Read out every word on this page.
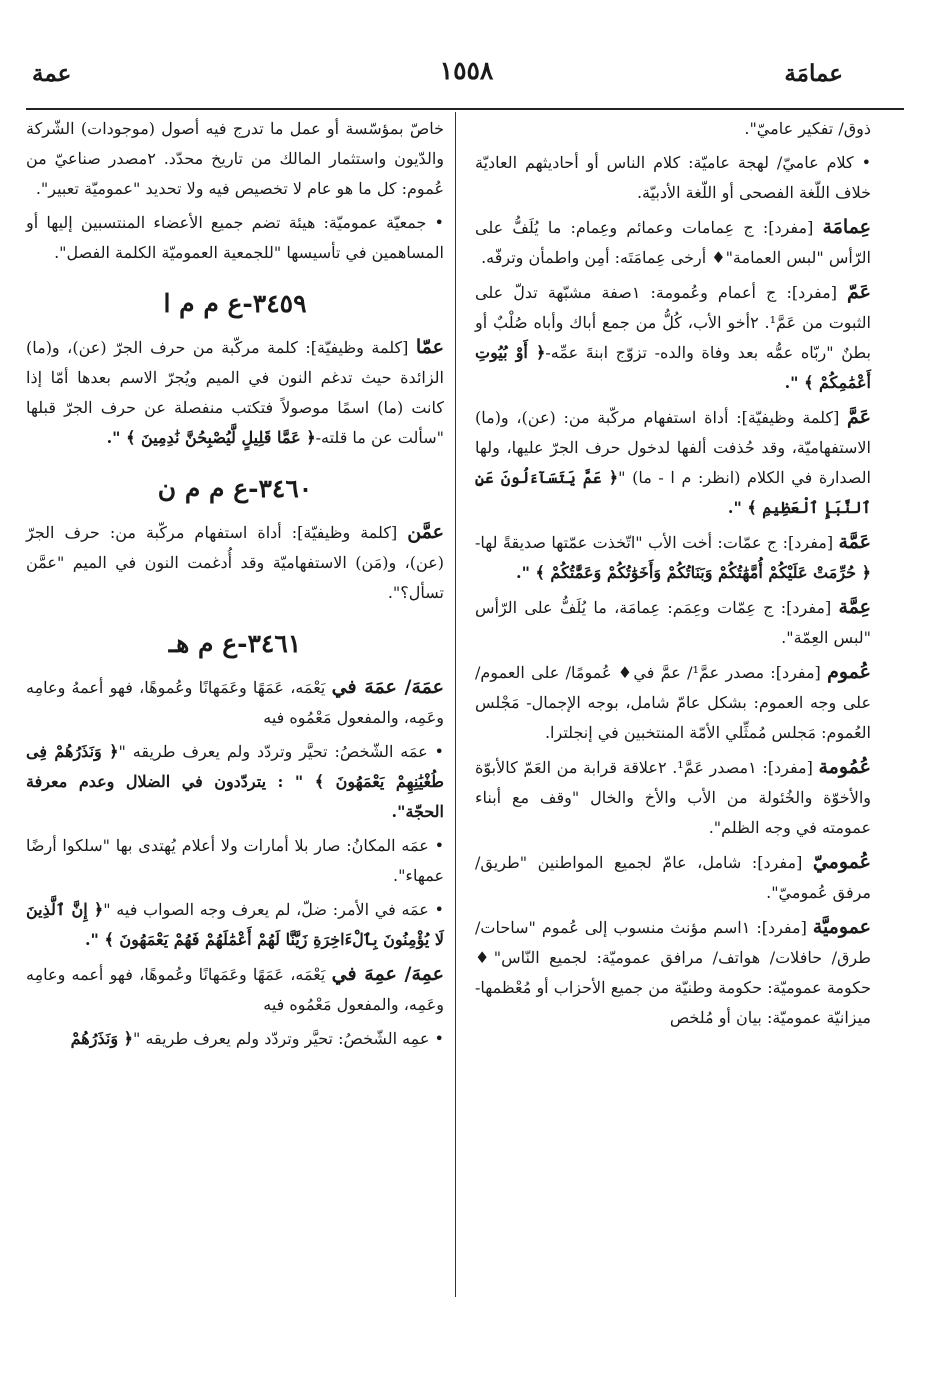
عمامَة
١٥٥٨
عمة

ذوق/ تفكير عاميّ".

• كلام عاميّ/ لهجة عاميّة: كلام الناس أو أحاديثهم العاديّة خلاف اللّغة الفصحى أو اللّغة الأدبيّة.

عِمامَة [مفرد]: ج عِمامات وعمائم وعِمام: ما يُلَفُّ على الرّأس "لبس العمامة"♦ أرخى عِمامَتَه: أمِن واطمأن وترفّه.

عَمّ [مفرد]: ج أعمام وعُمومة: ١صفة مشبّهة تدلّ على الثبوت من عَمَّ¹. ٢أخو الأب، كُلُّ من جمع أباك وأباه صُلْبٌ أو بطنٌ "ربّاه عمُّه بعد وفاة والده- تزوّج ابنةَ عمِّه-﴿ أَوْ بُيُوتِ أَعْمَٰمِكُمْ ﴾ ".

عَمَّ [كلمة وظيفيّة]: أداة استفهام مركّبة من: (عن)، و(ما) الاستفهاميّة، وقد حُذفت ألفها لدخول حرف الجرّ عليها، ولها الصدارة في الكلام (انظر: م ا - ما) "﴿ عَمَّ يَتَسَآءَلُونَ عَنِ ٱلنَّبَإِ ٱلْعَظِيمِ ﴾ ".

عَمَّة [مفرد]: ج عمّات: أخت الأب "اتّخذت عمّتها صديقةً لها-﴿ حُرِّمَتْ عَلَيْكُمْ أُمَّهَٰتُكُمْ وَبَنَاتُكُمْ وَأَخَوَٰتُكُمْ وَعَمَّٰتُكُمْ ﴾ ".

عِمَّة [مفرد]: ج عِمّات وعِمَم: عِمامَة، ما يُلَفُّ على الرّأس "لبس العِمّة".

عُموم [مفرد]: مصدر عمَّ¹/ عمَّ في♦ عُمومًا/ على العموم/ على وجه العموم: بشكل عامّ شامل، بوجه الإجمال- مَجْلس العُموم: مَجلس مُمثِّلي الأمّة المنتخبين في إنجلترا.

عُمُومة [مفرد]: ١مصدر عَمَّ¹. ٢علاقة قرابة من العَمّ كالأبوّة والأخوّة والخُئولة من الأب والأخ والخال "وقف مع أبناء عمومته في وجه الظلم".

عُموميّ [مفرد]: شامل، عامّ لجميع المواطنين "طريق/ مرفق عُموميّ".

عموميَّة [مفرد]: ١اسم مؤنث منسوب إلى عُموم "ساحات/ طرق/ حافلات/ هواتف/ مرافق عموميّة: لجميع النّاس"♦ حكومة عموميّة: حكومة وطنيّة من جميع الأحزاب أو مُعْظمها- ميزانيّة عموميّة: بيان أو مُلخص

خاصّ بمؤسّسة أو عمل ما تدرج فيه أصول (موجودات) الشّركة والدّيون واستثمار المالك من تاريخ محدّد. ٢مصدر صناعيّ من عُموم: كل ما هو عام لا تخصيص فيه ولا تحديد "عموميّة تعبير".

• جمعيّة عموميّة: هيئة تضم جميع الأعضاء المنتسبين إليها أو المساهمين في تأسيسها "للجمعية العموميّة الكلمة الفصل".

٣٤٥٩-ع م م ا

عمّا [كلمة وظيفيّة]: كلمة مركّبة من حرف الجرّ (عن)، و(ما) الزائدة حيث تدغم النون في الميم ويُجرّ الاسم بعدها أمّا إذا كانت (ما) اسمًا موصولاً فتكتب منفصلة عن حرف الجرّ قبلها "سألت عن ما قلته-﴿ عَمَّا قَلِيلٍ لَّيُصْبِحُنَّ نَٰدِمِينَ ﴾ ".

٣٤٦٠-ع م م ن

عمَّن [كلمة وظيفيّة]: أداة استفهام مركّبة من: حرف الجرّ (عن)، و(مَن) الاستفهاميّة وقد أُدغمت النون في الميم "عمَّن تسأل؟".

٣٤٦١-ع م هـ

عمَهَ/ عمَهَ في يَعْمَه، عَمَهًا وعَمَهانًا وعُموهًا، فهو أعمهُ وعامِه وعَمِه، والمفعول مَعْمُوه فيه

• عمَه الشّخصُ: تحيَّر وتردّد ولم يعرف طريقه "﴿ وَنَذَرُهُمْ فِى طُغْيَٰنِهِمْ يَعْمَهُونَ ﴾ " : يتردّدون في الضلال وعدم معرفة الحجّة".

• عمَه المكانُ: صار بلا أمارات ولا أعلام يُهتدى بها "سلكوا أرضًا عمهاء".

• عمَه في الأمر: ضلّ، لم يعرف وجه الصواب فيه "﴿ إِنَّ ٱلَّذِينَ لَا يُؤْمِنُونَ بِٱلْءَاخِرَةِ زَيَّنَّا لَهُمْ أَعْمَٰلَهُمْ فَهُمْ يَعْمَهُونَ ﴾ ".

عمِهَ/ عمِهَ في يَعْمَه، عَمَهًا وعَمَهانًا وعُموهًا، فهو أعمه وعامِه وعَمِه، والمفعول مَعْمُوه فيه

• عمِه الشّخصُ: تحيَّر وتردّد ولم يعرف طريقه "﴿ وَنَذَرُهُمْ
